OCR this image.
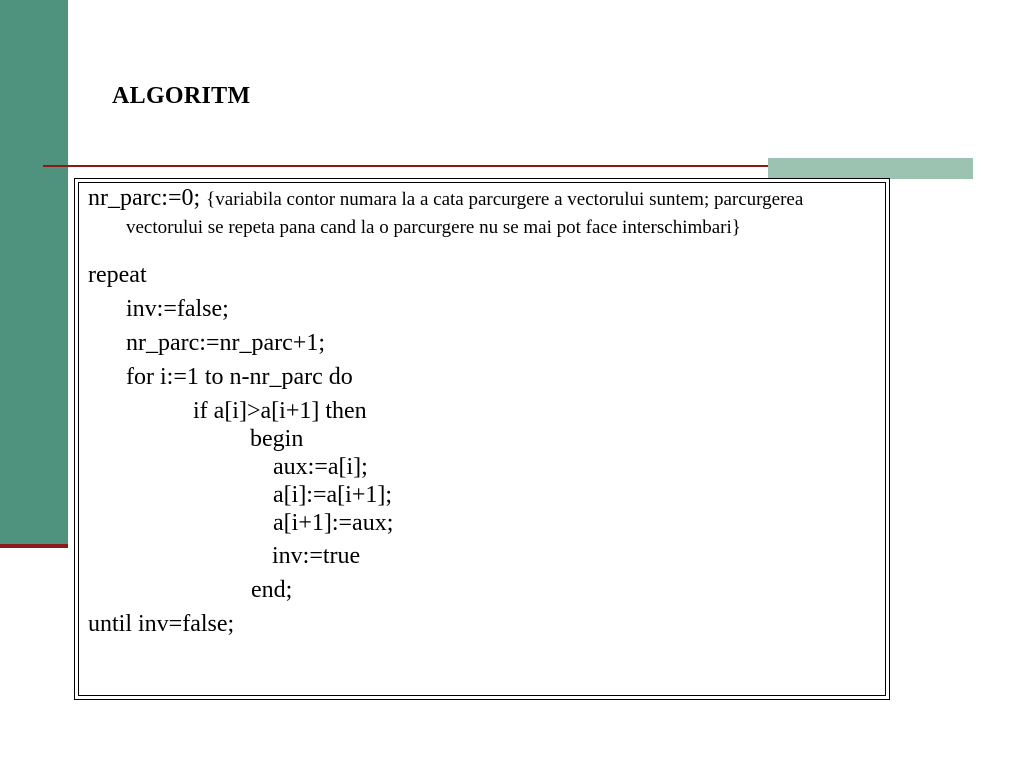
ALGORITM

nr_parc:=0; {variabila contor numara la a cata parcurgere a vectorului suntem; parcurgerea vectorului se repeta pana cand la o parcurgere nu se mai pot face interschimbari}

repeat

inv:=false;

nr_parc:=nr_parc+1;

for i:=1 to n-nr_parc do

if a[i]>a[i+1] then

begin

aux:=a[i];

a[i]:=a[i+1];

a[i+1]:=aux;

inv:=true

end;

until inv=false;
